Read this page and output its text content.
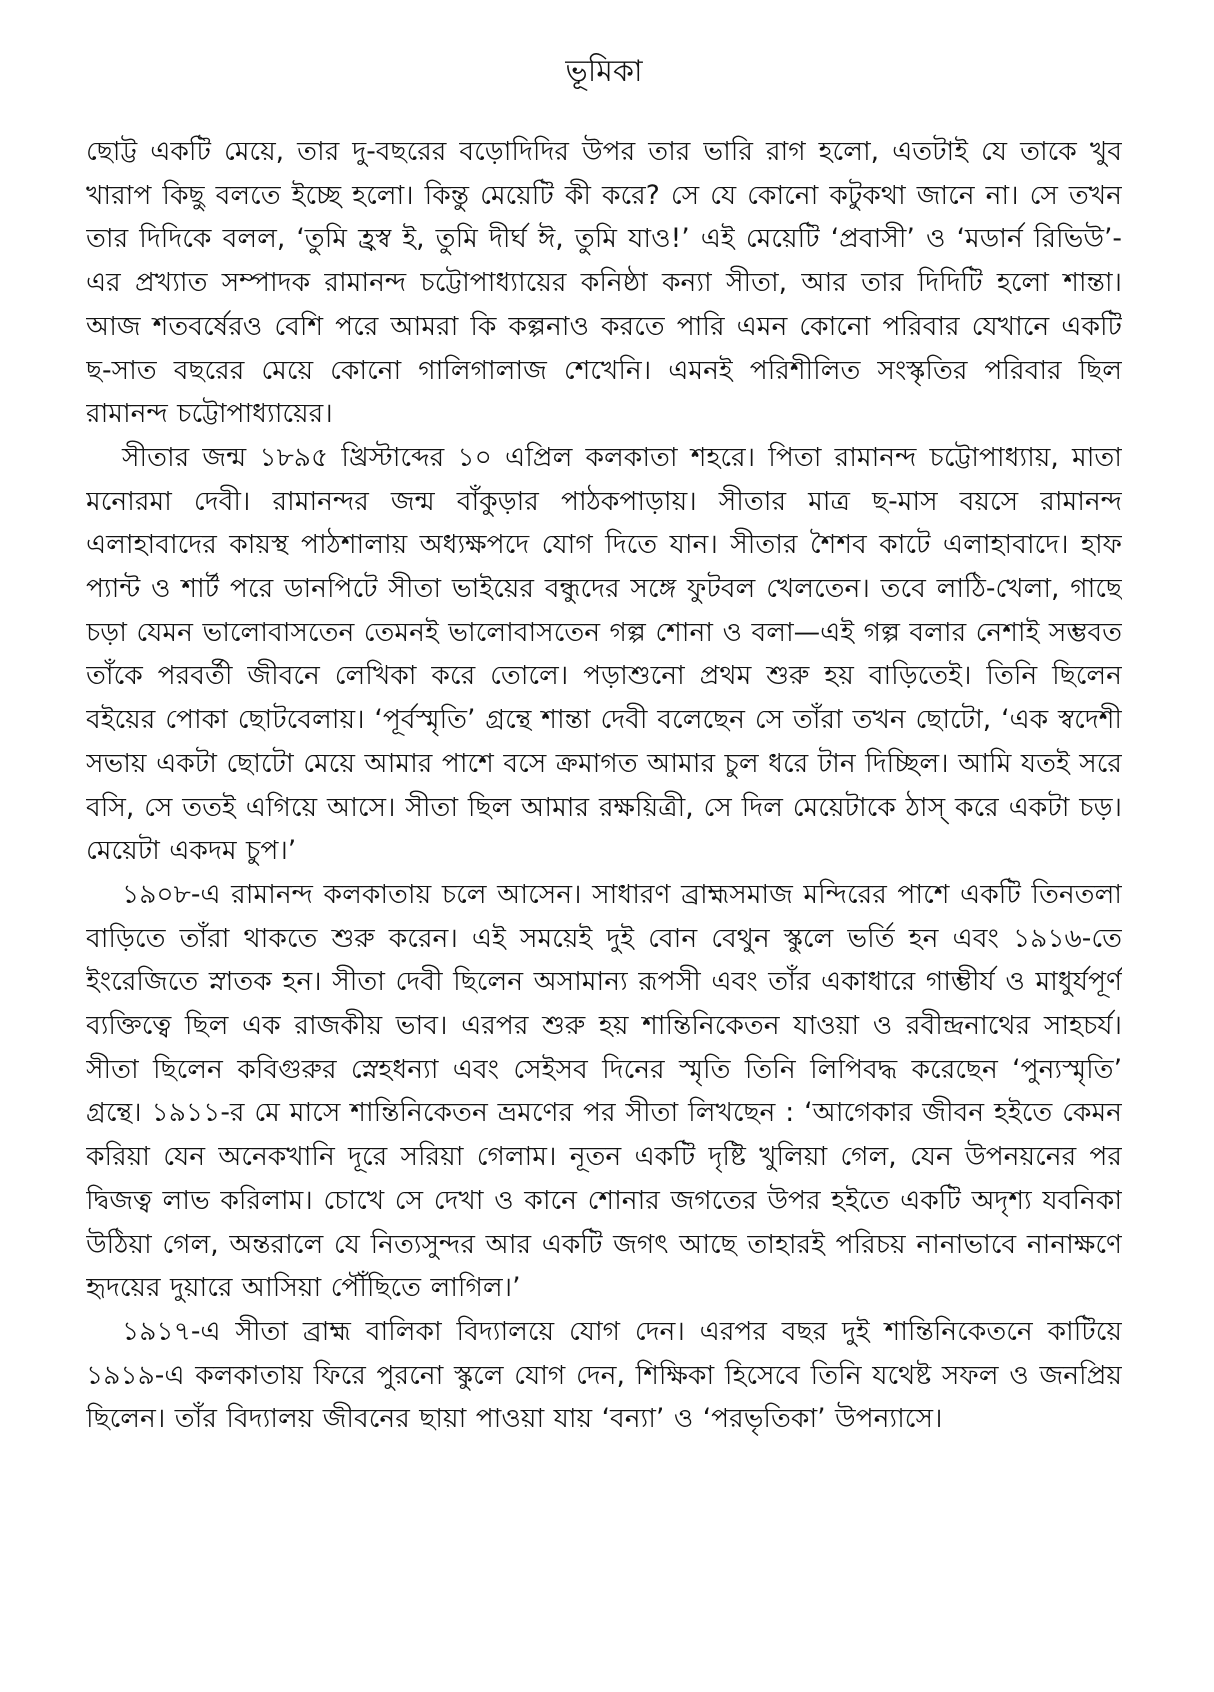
ভূমিকা

ছোট্ট একটি মেয়ে, তার দু-বছরের বড়োদিদির উপর তার ভারি রাগ হলো, এতটাই যে তাকে খুব খারাপ কিছু বলতে ইচ্ছে হলো। কিন্তু মেয়েটি কী করে? সে যে কোনো কটুকথা জানে না। সে তখন তার দিদিকে বলল, ‘তুমি হ্রস্ব ই, তুমি দীর্ঘ ঈ, তুমি যাও!’ এই মেয়েটি ‘প্রবাসী’ ও ‘মডার্ন রিভিউ’-এর প্রখ্যাত সম্পাদক রামানন্দ চট্টোপাধ্যায়ের কনিষ্ঠা কন্যা সীতা, আর তার দিদিটি হলো শান্তা। আজ শতবর্ষেরও বেশি পরে আমরা কি কল্পনাও করতে পারি এমন কোনো পরিবার যেখানে একটি ছ-সাত বছরের মেয়ে কোনো গালিগালাজ শেখেনি। এমনই পরিশীলিত সংস্কৃতির পরিবার ছিল রামানন্দ চট্টোপাধ্যায়ের।

সীতার জন্ম ১৮৯৫ খ্রিস্টাব্দের ১০ এপ্রিল কলকাতা শহরে। পিতা রামানন্দ চট্টোপাধ্যায়, মাতা মনোরমা দেবী। রামানন্দর জন্ম বাঁকুড়ার পাঠকপাড়ায়। সীতার মাত্র ছ-মাস বয়সে রামানন্দ এলাহাবাদের কায়স্থ পাঠশালায় অধ্যক্ষপদে যোগ দিতে যান। সীতার শৈশব কাটে এলাহাবাদে। হাফ প্যান্ট ও শার্ট পরে ডানপিটে সীতা ভাইয়ের বন্ধুদের সঙ্গে ফুটবল খেলতেন। তবে লাঠি-খেলা, গাছে চড়া যেমন ভালোবাসতেন তেমনই ভালোবাসতেন গল্প শোনা ও বলা—এই গল্প বলার নেশাই সম্ভবত তাঁকে পরবর্তী জীবনে লেখিকা করে তোলে। পড়াশুনো প্রথম শুরু হয় বাড়িতেই। তিনি ছিলেন বইয়ের পোকা ছোটবেলায়। ‘পূর্বস্মৃতি’ গ্রন্থে শান্তা দেবী বলেছেন সে তাঁরা তখন ছোটো, ‘এক স্বদেশী সভায় একটা ছোটো মেয়ে আমার পাশে বসে ক্রমাগত আমার চুল ধরে টান দিচ্ছিল। আমি যতই সরে বসি, সে ততই এগিয়ে আসে। সীতা ছিল আমার রক্ষয়িত্রী, সে দিল মেয়েটাকে ঠাস্ করে একটা চড়। মেয়েটা একদম চুপ।’

১৯০৮-এ রামানন্দ কলকাতায় চলে আসেন। সাধারণ ব্রাহ্মসমাজ মন্দিরের পাশে একটি তিনতলা বাড়িতে তাঁরা থাকতে শুরু করেন। এই সময়েই দুই বোন বেথুন স্কুলে ভর্তি হন এবং ১৯১৬-তে ইংরেজিতে স্নাতক হন। সীতা দেবী ছিলেন অসামান্য রূপসী এবং তাঁর একাধারে গাম্ভীর্য ও মাধুর্যপূর্ণ ব্যক্তিত্বে ছিল এক রাজকীয় ভাব। এরপর শুরু হয় শান্তিনিকেতন যাওয়া ও রবীন্দ্রনাথের সাহচর্য। সীতা ছিলেন কবিগুরুর স্নেহধন্যা এবং সেইসব দিনের স্মৃতি তিনি লিপিবদ্ধ করেছেন ‘পুন্যস্মৃতি’ গ্রন্থে। ১৯১১-র মে মাসে শান্তিনিকেতন ভ্রমণের পর সীতা লিখছেন : ‘আগেকার জীবন হইতে কেমন করিয়া যেন অনেকখানি দূরে সরিয়া গেলাম। নূতন একটি দৃষ্টি খুলিয়া গেল, যেন উপনয়নের পর দ্বিজত্ব লাভ করিলাম। চোখে সে দেখা ও কানে শোনার জগতের উপর হইতে একটি অদৃশ্য যবনিকা উঠিয়া গেল, অন্তরালে যে নিত্যসুন্দর আর একটি জগৎ আছে তাহারই পরিচয় নানাভাবে নানাক্ষণে হৃদয়ের দুয়ারে আসিয়া পৌঁছিতে লাগিল।’

১৯১৭-এ সীতা ব্রাহ্ম বালিকা বিদ্যালয়ে যোগ দেন। এরপর বছর দুই শান্তিনিকেতনে কাটিয়ে ১৯১৯-এ কলকাতায় ফিরে পুরনো স্কুলে যোগ দেন, শিক্ষিকা হিসেবে তিনি যথেষ্ট সফল ও জনপ্রিয় ছিলেন। তাঁর বিদ্যালয় জীবনের ছায়া পাওয়া যায় ‘বন্যা’ ও ‘পরভৃতিকা’ উপন্যাসে।
